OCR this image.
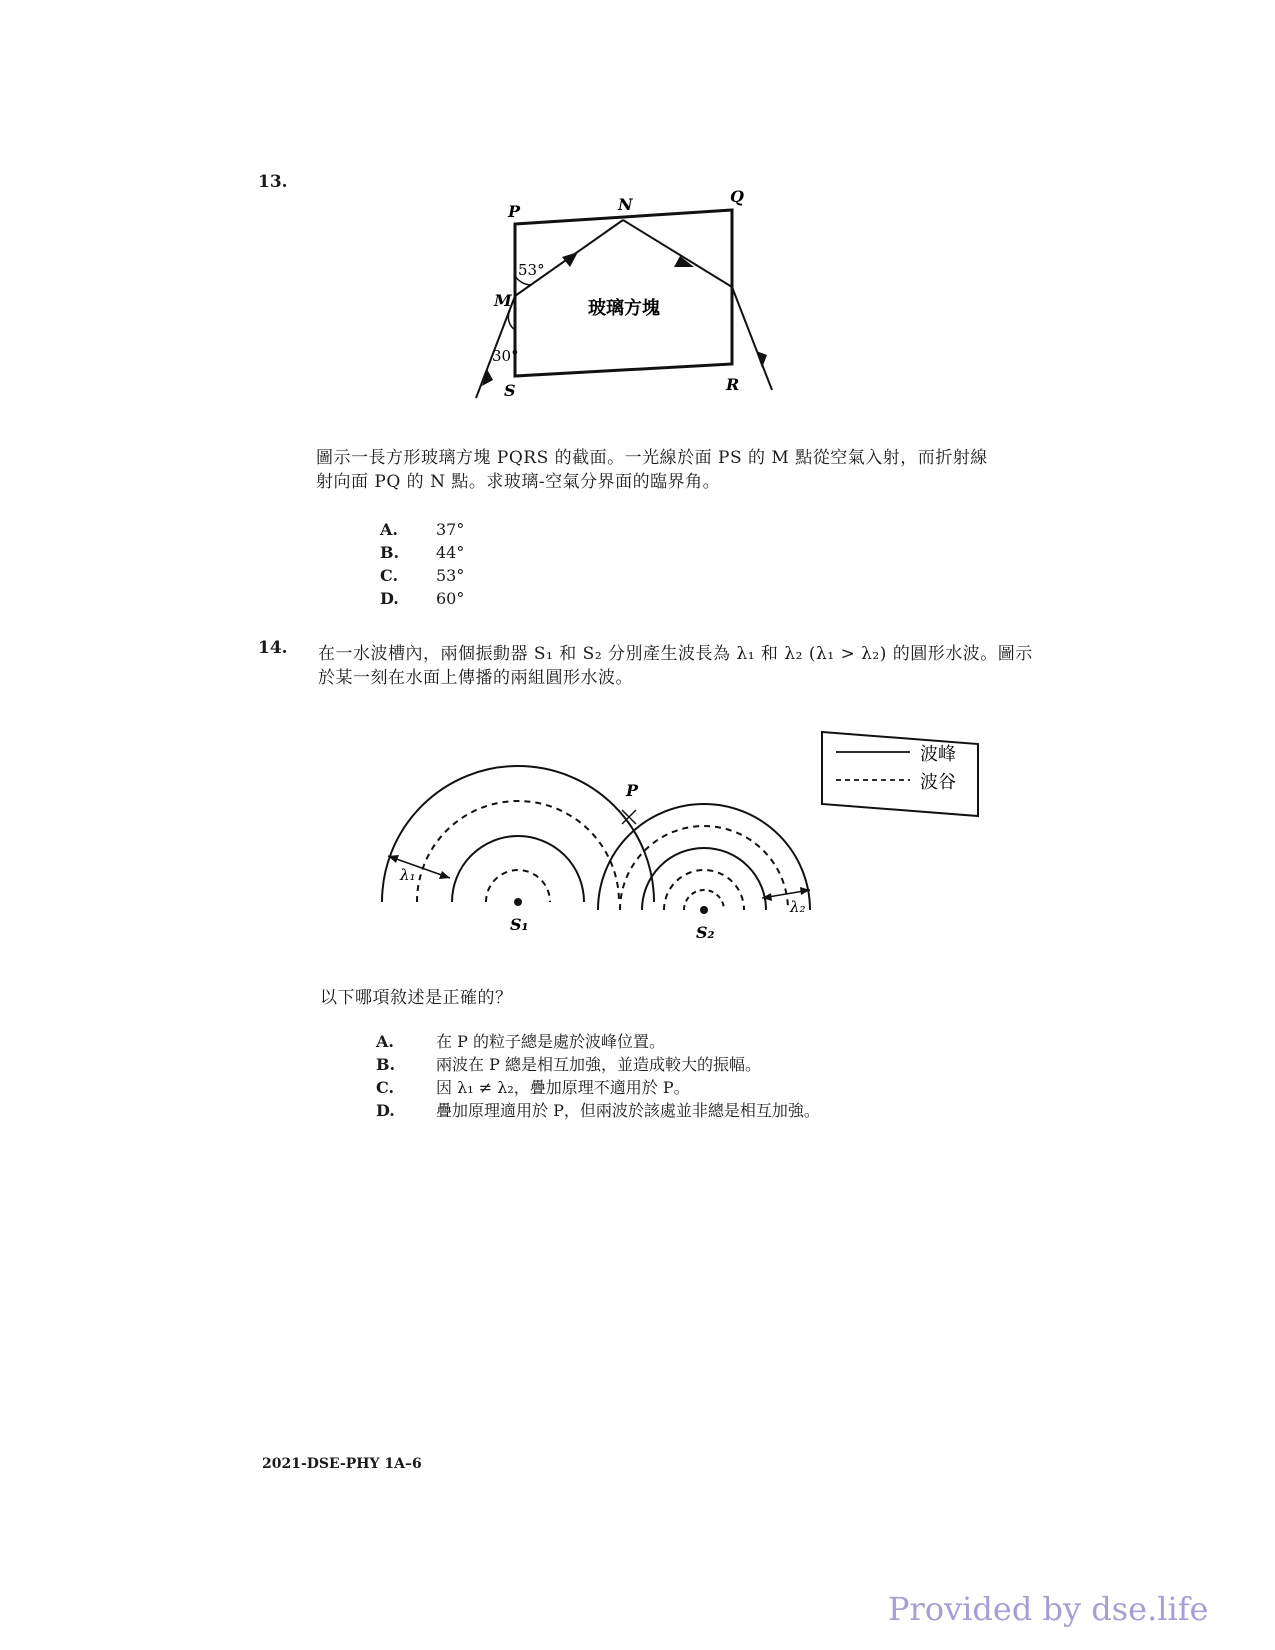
13.
P	N	Q
M
S	R
53°
30°
玻璃方塊
圖示一長方形玻璃方塊 PQRS 的截面。一光線於面 PS 的 M 點從空氣入射，而折射線
射向面 PQ 的 N 點。求玻璃-空氣分界面的臨界角。
A. 37°
B. 44°
C. 53°
D. 60°
14. 在一水波槽內，兩個振動器 S₁ 和 S₂ 分別產生波長為 λ₁ 和 λ₂ (λ₁ > λ₂) 的圓形水波。圖示
於某一刻在水面上傳播的兩組圓形水波。
波峰
波谷
S₁	S₂
P
λ₁
λ₂
以下哪項敘述是正確的？
A.	在 P 的粒子總是處於波峰位置。
B.	兩波在 P 總是相互加強，並造成較大的振幅。
C.	因 λ₁ ≠ λ₂，疊加原理不適用於 P。
D.	疊加原理適用於 P，但兩波於該處並非總是相互加強。
2021-DSE-PHY 1A–6
Provided by dse.life
